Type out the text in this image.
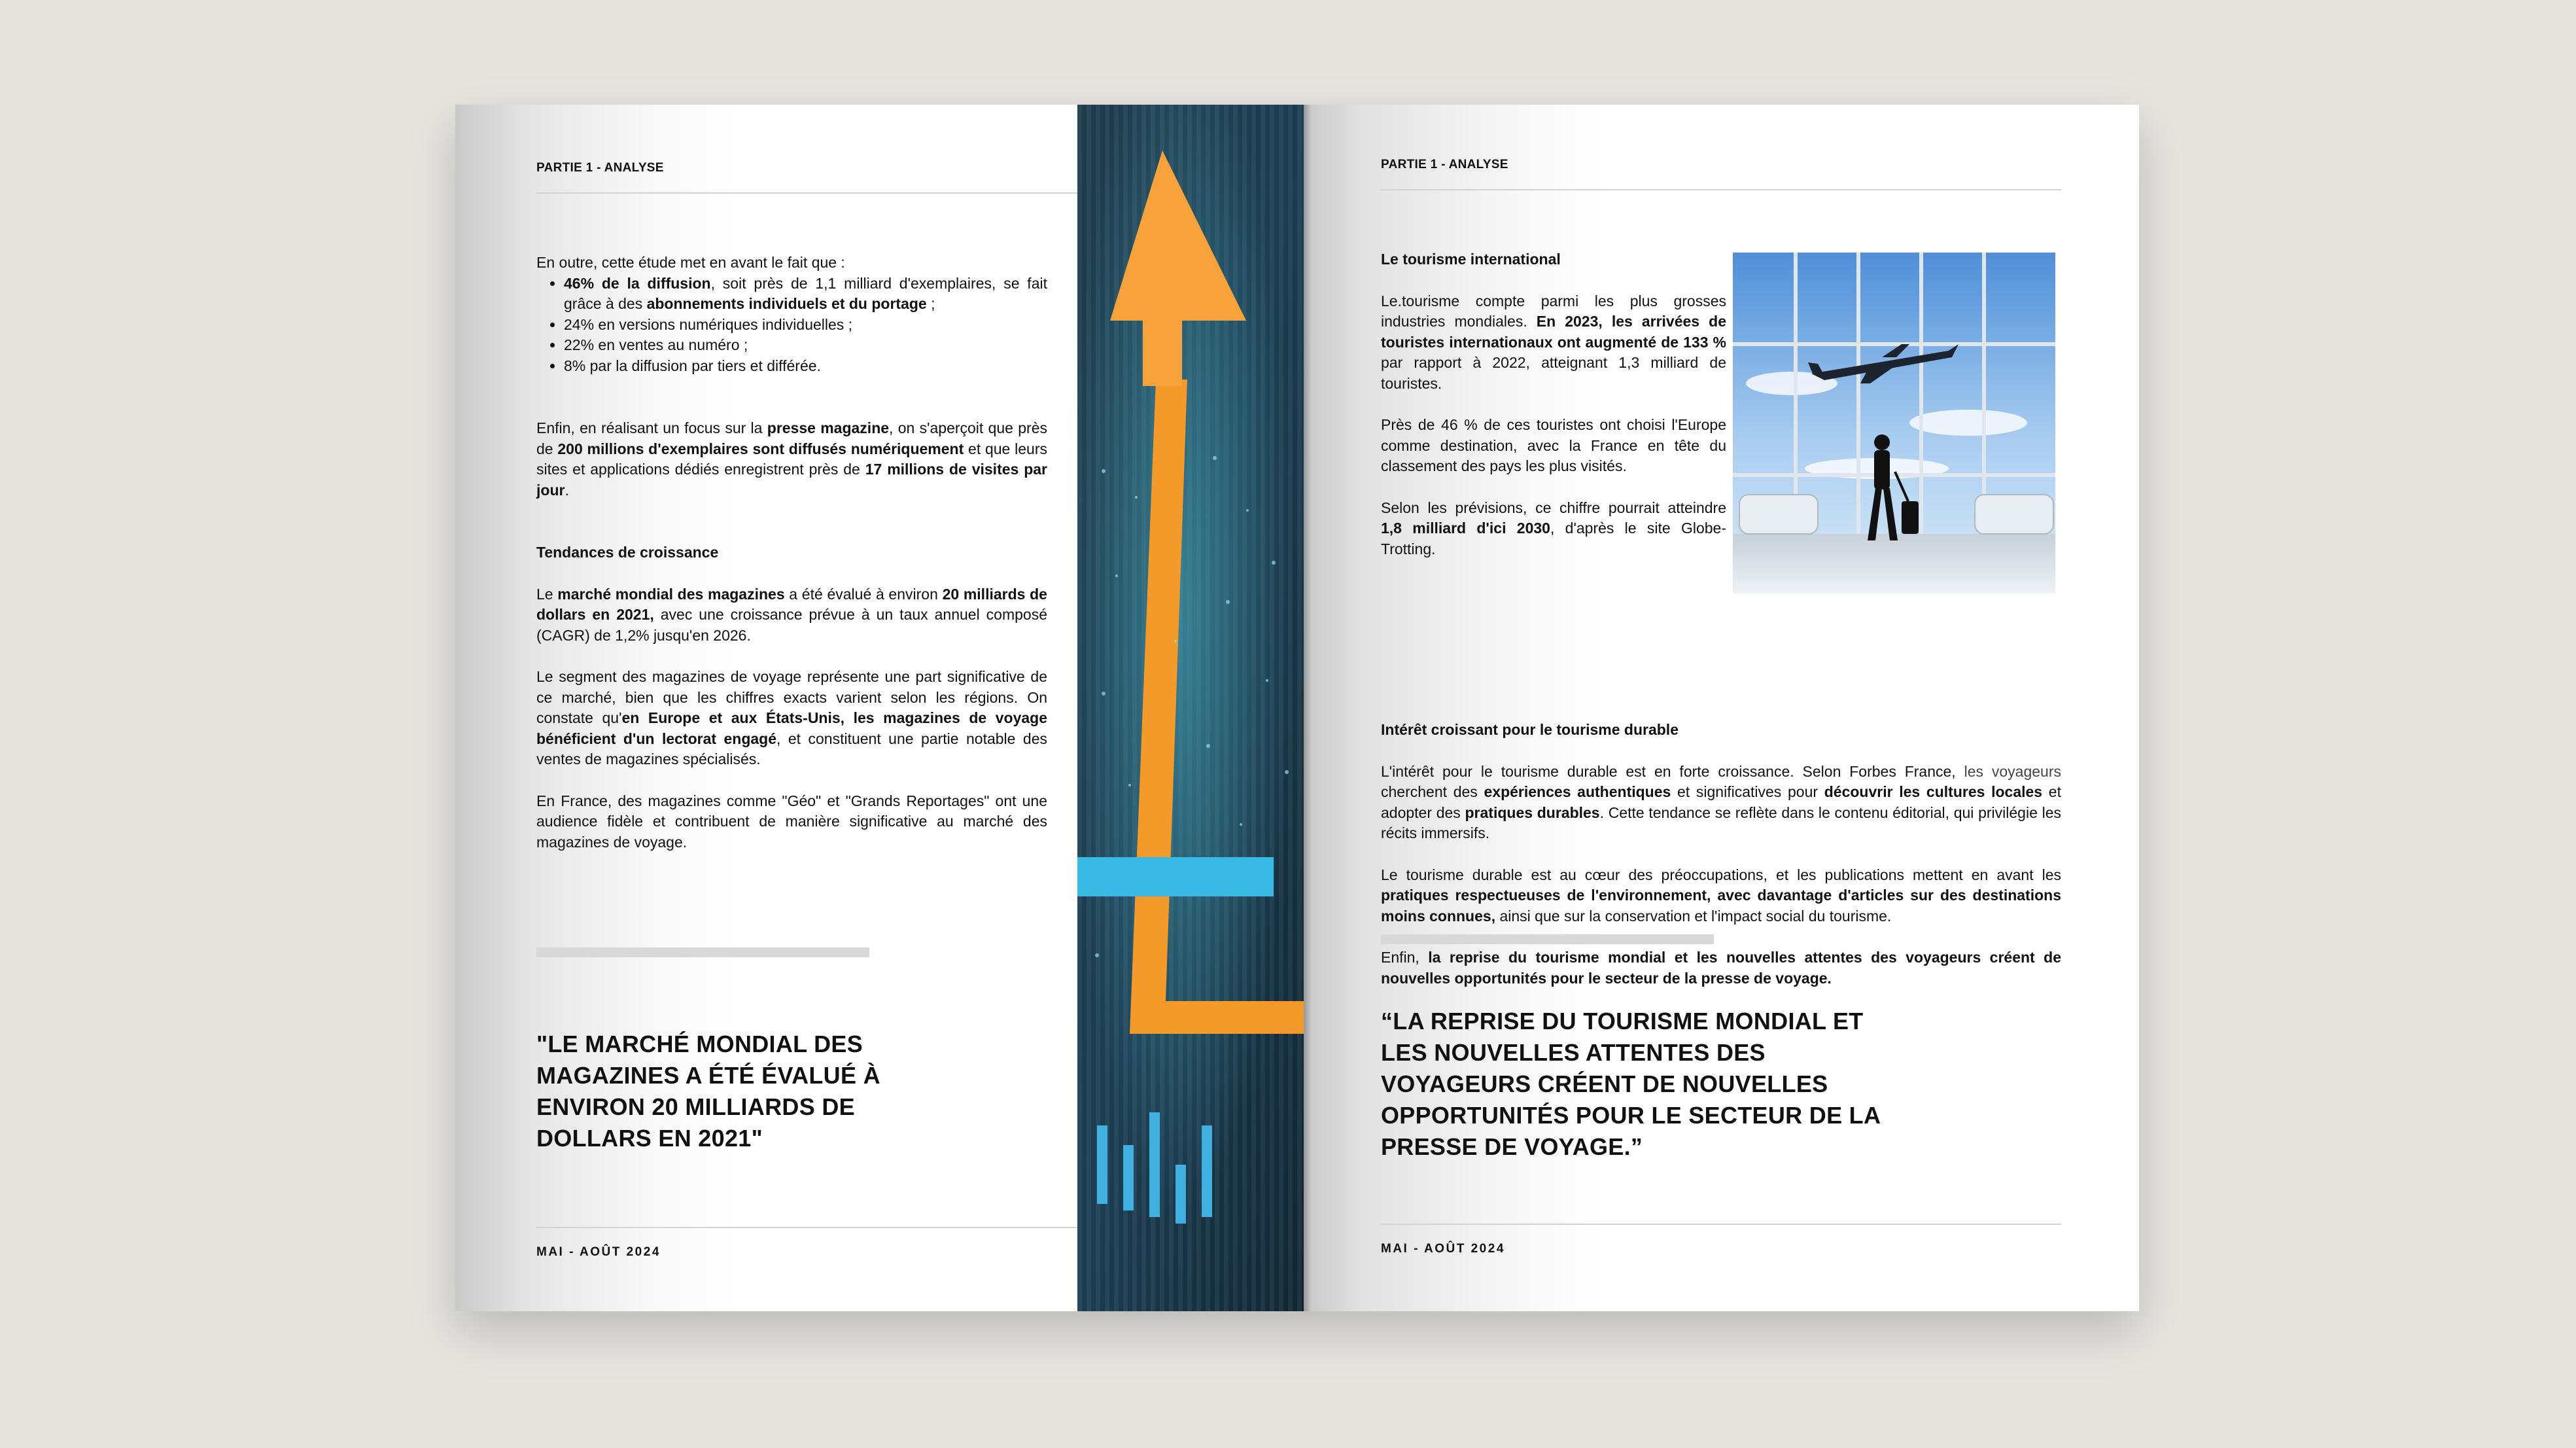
PARTIE 1 - ANALYSE

En outre, cette étude met en avant le fait que :

• 46% de la diffusion, soit près de 1,1 milliard d'exemplaires, se fait grâce à des abonnements individuels et du portage ;
• 24% en versions numériques individuelles ;
• 22% en ventes au numéro ;
• 8% par la diffusion par tiers et différée.

Enfin, en réalisant un focus sur la presse magazine, on s'aperçoit que près de 200 millions d'exemplaires sont diffusés numériquement et que leurs sites et applications dédiés enregistrent près de 17 millions de visites par jour.

Tendances de croissance

Le marché mondial des magazines a été évalué à environ 20 milliards de dollars en 2021, avec une croissance prévue à un taux annuel composé (CAGR) de 1,2% jusqu'en 2026.

Le segment des magazines de voyage représente une part significative de ce marché, bien que les chiffres exacts varient selon les régions. On constate qu'en Europe et aux États-Unis, les magazines de voyage bénéficient d'un lectorat engagé, et constituent une partie notable des ventes de magazines spécialisés.

En France, des magazines comme "Géo" et "Grands Reportages" ont une audience fidèle et contribuent de manière significative au marché des magazines de voyage.

"LE MARCHÉ MONDIAL DES MAGAZINES A ÉTÉ ÉVALUÉ À ENVIRON 20 MILLIARDS DE DOLLARS EN 2021"
MAI - AOÛT 2024
PARTIE 1 - ANALYSE

Le tourisme international

Le.tourisme compte parmi les plus grosses industries mondiales. En 2023, les arrivées de touristes internationaux ont augmenté de 133 % par rapport à 2022, atteignant 1,3 milliard de touristes.

Près de 46 % de ces touristes ont choisi l'Europe comme destination, avec la France en tête du classement des pays les plus visités.

Selon les prévisions, ce chiffre pourrait atteindre 1,8 milliard d'ici 2030, d'après le site Globe-Trotting.

Intérêt croissant pour le tourisme durable

L'intérêt pour le tourisme durable est en forte croissance. Selon Forbes France, les voyageurs cherchent des expériences authentiques et significatives pour découvrir les cultures locales et adopter des pratiques durables. Cette tendance se reflète dans le contenu éditorial, qui privilégie les récits immersifs.

Le tourisme durable est au cœur des préoccupations, et les publications mettent en avant les pratiques respectueuses de l'environnement, avec davantage d'articles sur des destinations moins connues, ainsi que sur la conservation et l'impact social du tourisme.

Enfin, la reprise du tourisme mondial et les nouvelles attentes des voyageurs créent de nouvelles opportunités pour le secteur de la presse de voyage.

“LA REPRISE DU TOURISME MONDIAL ET LES NOUVELLES ATTENTES DES VOYAGEURS CRÉENT DE NOUVELLES OPPORTUNITÉS POUR LE SECTEUR DE LA PRESSE DE VOYAGE.”
MAI - AOÛT 2024
